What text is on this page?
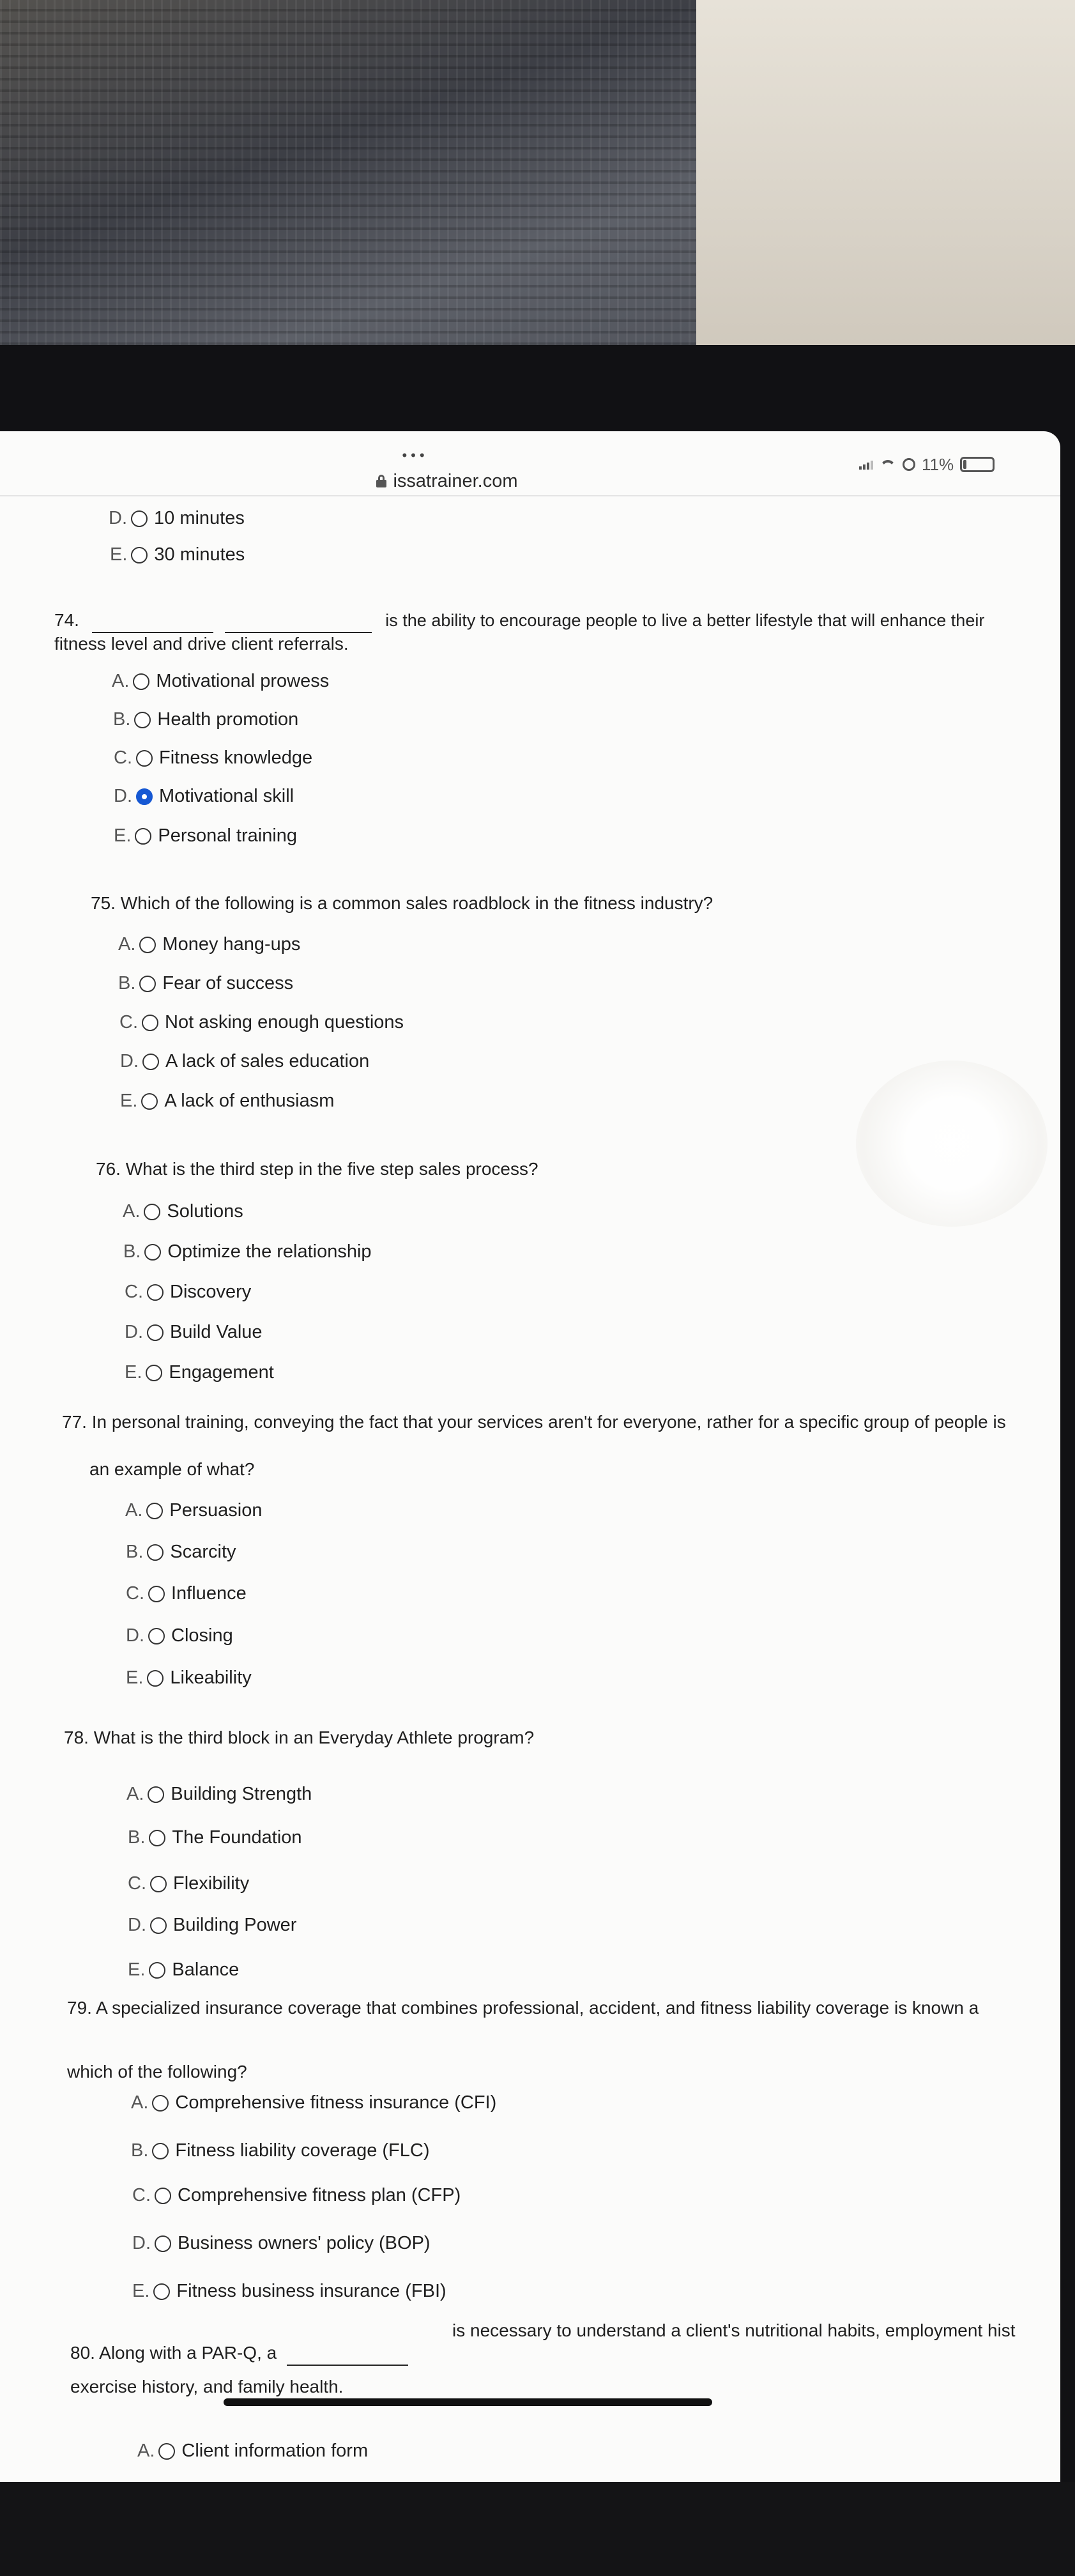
•••
issatrainer.com
11%
D. 10 minutes
E. 30 minutes
74.	is the ability to encourage people to live a better lifestyle that will enhance their
fitness level and drive client referrals.
A. Motivational prowess
B. Health promotion
C. Fitness knowledge
D. Motivational skill
E. Personal training
75. Which of the following is a common sales roadblock in the fitness industry?
A. Money hang-ups
B. Fear of success
C. Not asking enough questions
D. A lack of sales education
E. A lack of enthusiasm
76. What is the third step in the five step sales process?
A. Solutions
B. Optimize the relationship
C. Discovery
D. Build Value
E. Engagement
77. In personal training, conveying the fact that your services aren't for everyone, rather for a specific group of people is
an example of what?
A. Persuasion
B. Scarcity
C. Influence
D. Closing
E. Likeability
78. What is the third block in an Everyday Athlete program?
A. Building Strength
B. The Foundation
C. Flexibility
D. Building Power
E. Balance
79. A specialized insurance coverage that combines professional, accident, and fitness liability coverage is known a
which of the following?
A. Comprehensive fitness insurance (CFI)
B. Fitness liability coverage (FLC)
C. Comprehensive fitness plan (CFP)
D. Business owners' policy (BOP)
E. Fitness business insurance (FBI)
80. Along with a PAR-Q, a
is necessary to understand a client's nutritional habits, employment hist
exercise history, and family health.
A. Client information form
